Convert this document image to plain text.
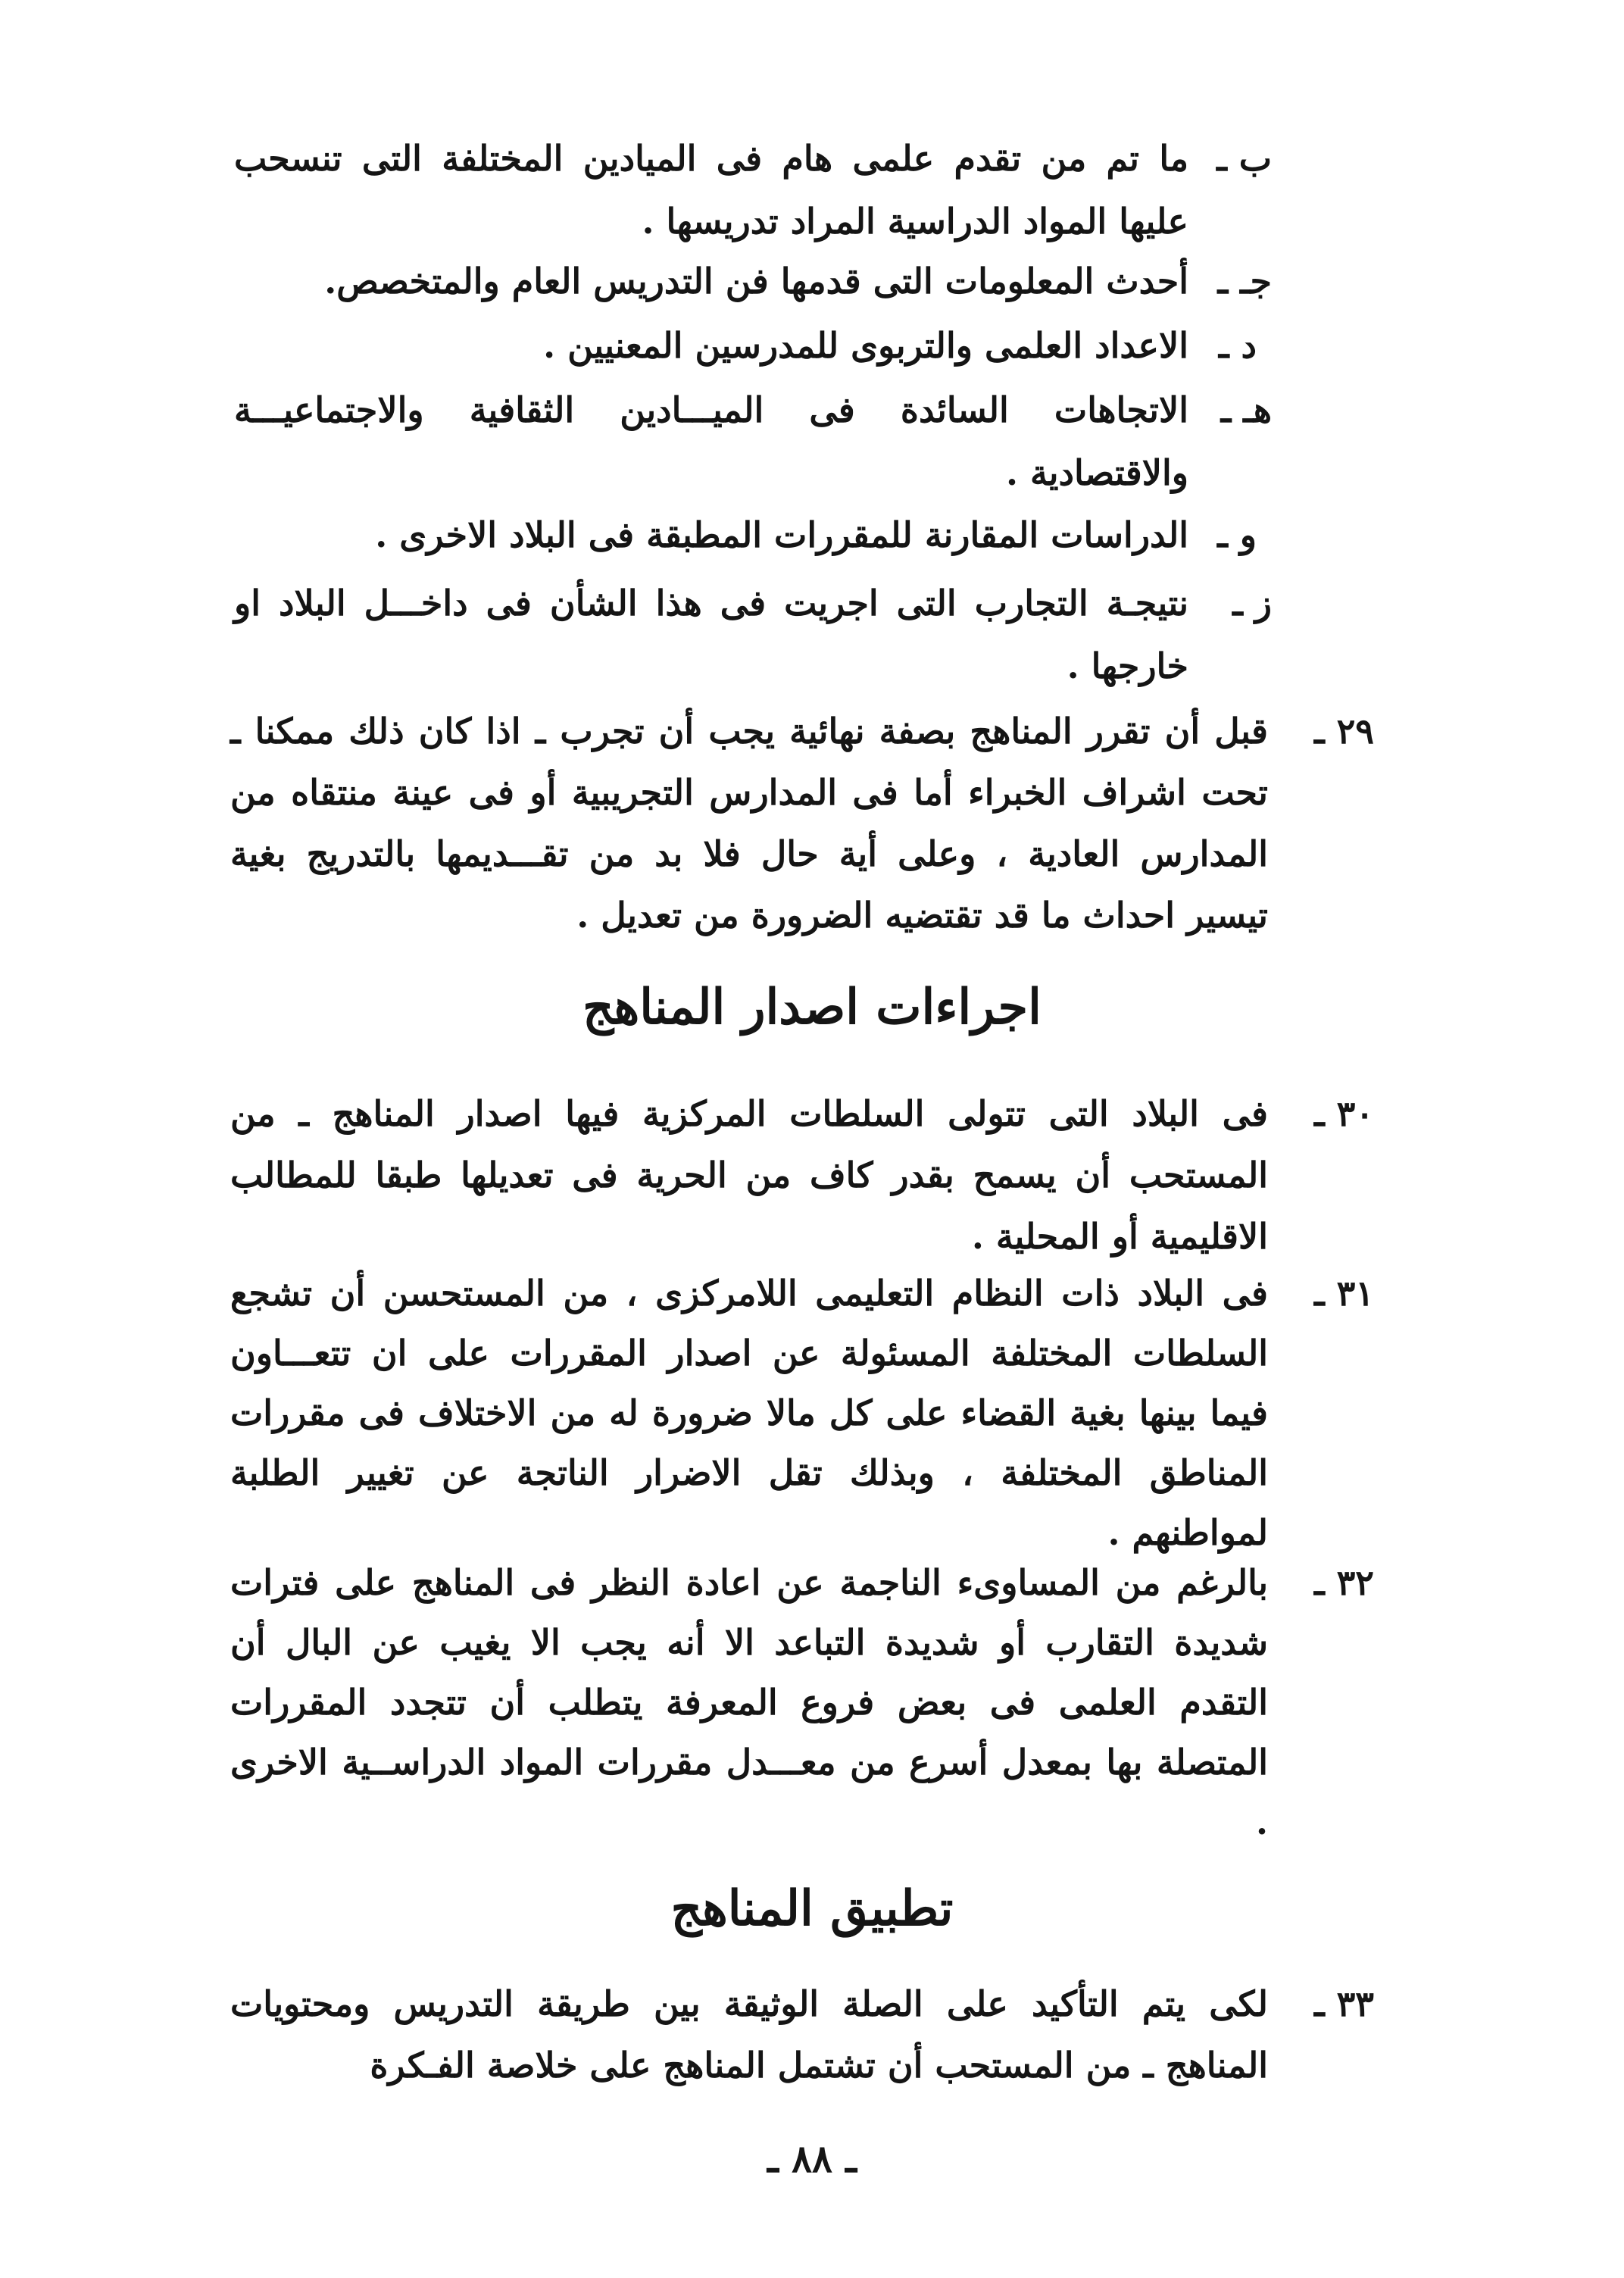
ب ـ
ما تم من تقدم علمى هام فى الميادين المختلفة التى تنسحب عليها المواد الدراسية المراد تدريسها .
جـ ـ
أحدث المعلومات التى قدمها فن التدريس العام والمتخصص.
د ـ
الاعداد العلمى والتربوى للمدرسين المعنيين .
هـ ـ
الاتجاهات السائدة فى الميـــادين الثقافية والاجتماعيـــة والاقتصادية .
و ـ
الدراسات المقارنة للمقررات المطبقة فى البلاد الاخرى .
ز ـ
نتيجـة التجارب التى اجريت فى هذا الشأن فى داخـــل البلاد او خارجها .
٢٩ ـ
قبل أن تقرر المناهج بصفة نهائية يجب أن تجرب ـ اذا كان ذلك ممكنا ـ تحت اشراف الخبراء أما فى المدارس التجريبية أو فى عينة منتقاه من المدارس العادية ، وعلى أية حال فلا بد من تقـــديمها بالتدريج بغية تيسير احداث ما قد تقتضيه الضرورة من تعديل .
اجراءات اصدار المناهج
٣٠ ـ
فى البلاد التى تتولى السلطات المركزية فيها اصدار المناهج ـ من المستحب أن يسمح بقدر كاف من الحرية فى تعديلها طبقا للمطالب الاقليمية أو المحلية .
٣١ ـ
فى البلاد ذات النظام التعليمى اللامركزى ، من المستحسن أن تشجع السلطات المختلفة المسئولة عن اصدار المقررات على ان تتعـــاون فيما بينها بغية القضاء على كل مالا ضرورة له من الاختلاف فى مقررات المناطق المختلفة ، وبذلك تقل الاضرار الناتجة عن تغيير الطلبة لمواطنهم .
٣٢ ـ
بالرغم من المساوىء الناجمة عن اعادة النظر فى المناهج على فترات شديدة التقارب أو شديدة التباعد الا أنه يجب الا يغيب عن البال أن التقدم العلمى فى بعض فروع المعرفة يتطلب أن تتجدد المقررات المتصلة بها بمعدل أسرع من معـــدل مقررات المواد الدراســية الاخرى .
تطبيق المناهج
٣٣ ـ
لكى يتم التأكيد على الصلة الوثيقة بين طريقة التدريس ومحتويات المناهج ـ من المستحب أن تشتمل المناهج على خلاصة الفـكرة
ـ ٨٨ ـ
